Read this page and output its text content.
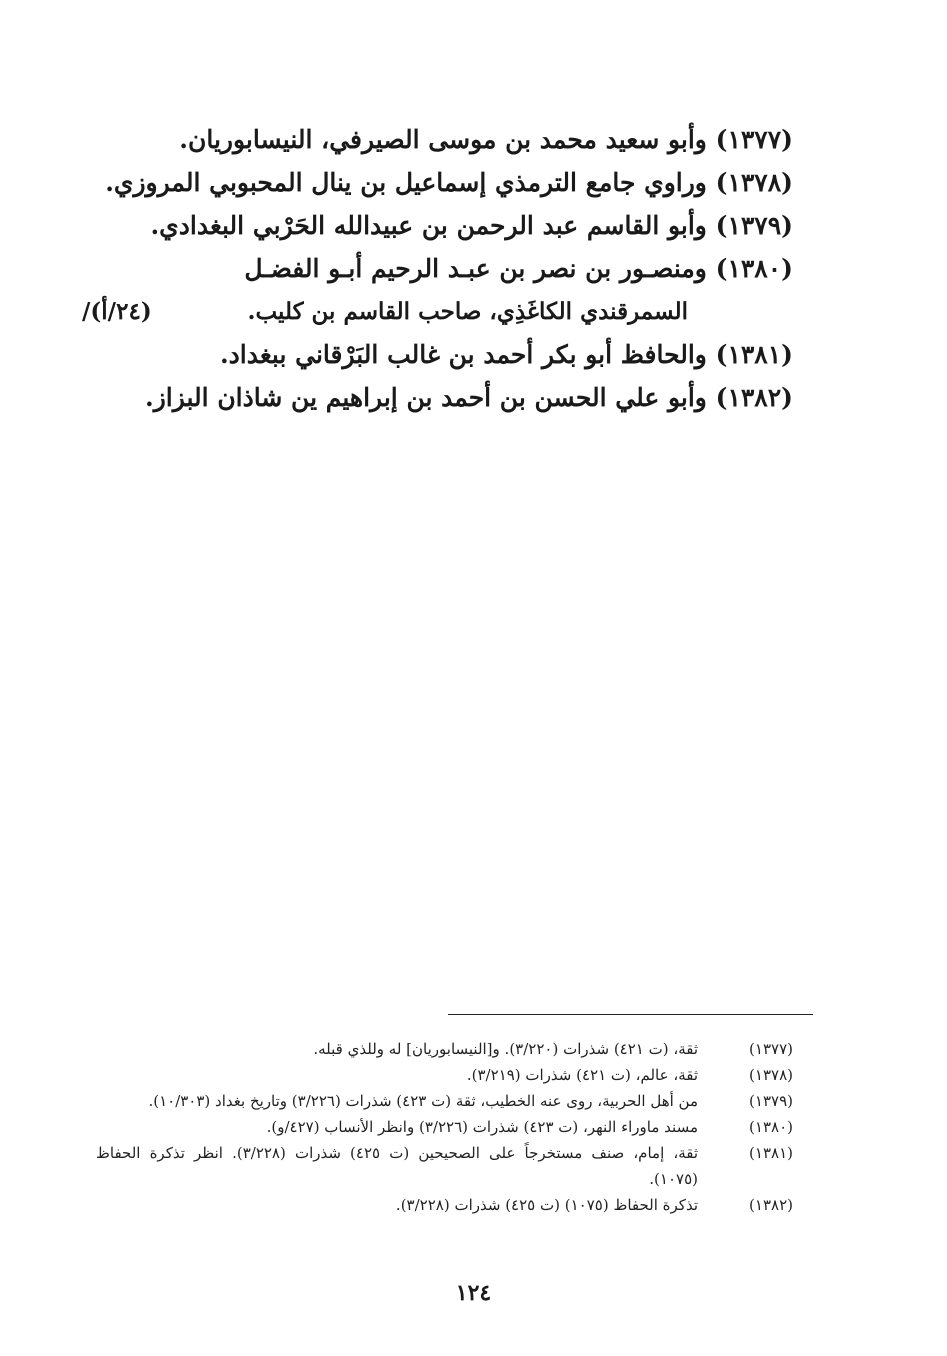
(١٣٧٧) وأبو سعيد محمد بن موسى الصيرفي، النيسابوريان.
(١٣٧٨) وراوي جامع الترمذي إسماعيل بن ينال المحبوبي المروزي.
(١٣٧٩) وأبو القاسم عبد الرحمن بن عبيدالله الحَرْبي البغدادي.
(١٣٨٠) ومنصـور بن نصر بن عبـد الرحيم أبـو الفضـل
السمرقندي الكاغَذِي، صاحب القاسم بن كليب.
/(٢٤/أ)
(١٣٨١) والحافظ أبو بكر أحمد بن غالب البَرْقاني ببغداد.
(١٣٨٢) وأبو علي الحسن بن أحمد بن إبراهيم ين شاذان البزاز.
(١٣٧٧)
ثقة، (ت ٤٢١) شذرات (٣/٢٢٠). و[النيسابوريان] له وللذي قبله.
(١٣٧٨)
ثقة، عالم، (ت ٤٢١) شذرات (٣/٢١٩).
(١٣٧٩)
من أهل الحربية، روى عنه الخطيب، ثقة (ت ٤٢٣) شذرات (٣/٢٢٦) وتاريخ بغداد (١٠/٣٠٣).
(١٣٨٠)
مسند ماوراء النهر، (ت ٤٢٣) شذرات (٣/٢٢٦) وانظر الأنساب (٤٢٧/و).
(١٣٨١)
ثقة، إمام، صنف مستخرجاً على الصحيحين (ت ٤٢٥) شذرات (٣/٢٢٨). انظر تذكرة الحفاظ (١٠٧٥).
(١٣٨٢)
تذكرة الحفاظ (١٠٧٥) (ت ٤٢٥) شذرات (٣/٢٢٨).
١٢٤
